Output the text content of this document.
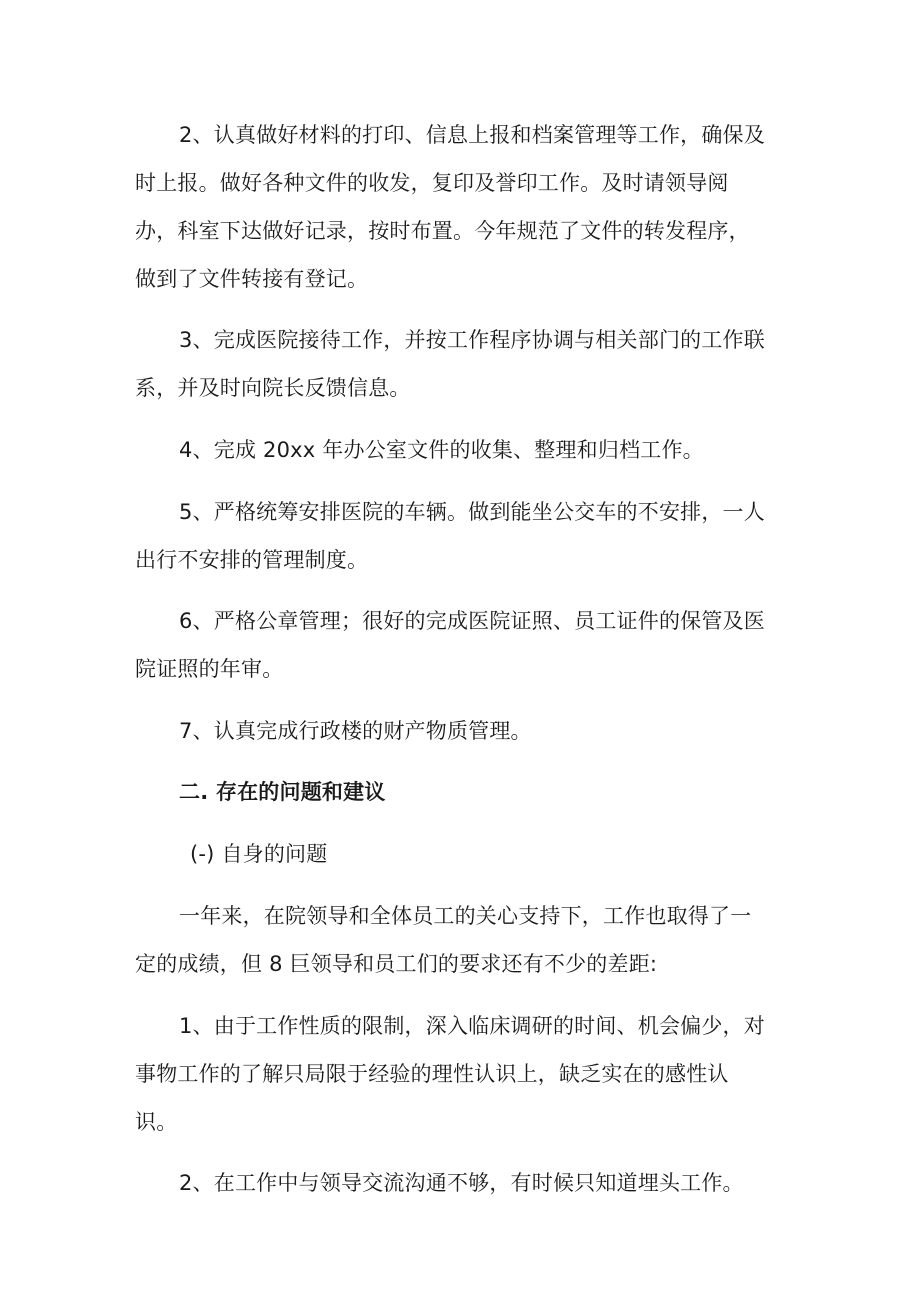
2、认真做好材料的打印、信息上报和档案管理等工作，确保及

时上报。做好各种文件的收发，复印及誉印工作。及时请领导阅

办，科室下达做好记录，按时布置。今年规范了文件的转发程序，

做到了文件转接有登记。

3、完成医院接待工作，并按工作程序协调与相关部门的工作联

系，并及时向院长反馈信息。

4、完成 20xx 年办公室文件的收集、整理和归档工作。

5、严格统筹安排医院的车辆。做到能坐公交车的不安排，一人

出行不安排的管理制度。

6、严格公章管理；很好的完成医院证照、员工证件的保管及医

院证照的年审。

7、认真完成行政楼的财产物质管理。

二. 存在的问题和建议

(-) 自身的问题

一年来，在院领导和全体员工的关心支持下，工作也取得了一

定的成绩，但 8 巨领导和员工们的要求还有不少的差距:

1、由于工作性质的限制，深入临床调研的时间、机会偏少，对

事物工作的了解只局限于经验的理性认识上，缺乏实在的感性认

识。

2、在工作中与领导交流沟通不够，有时候只知道埋头工作。
